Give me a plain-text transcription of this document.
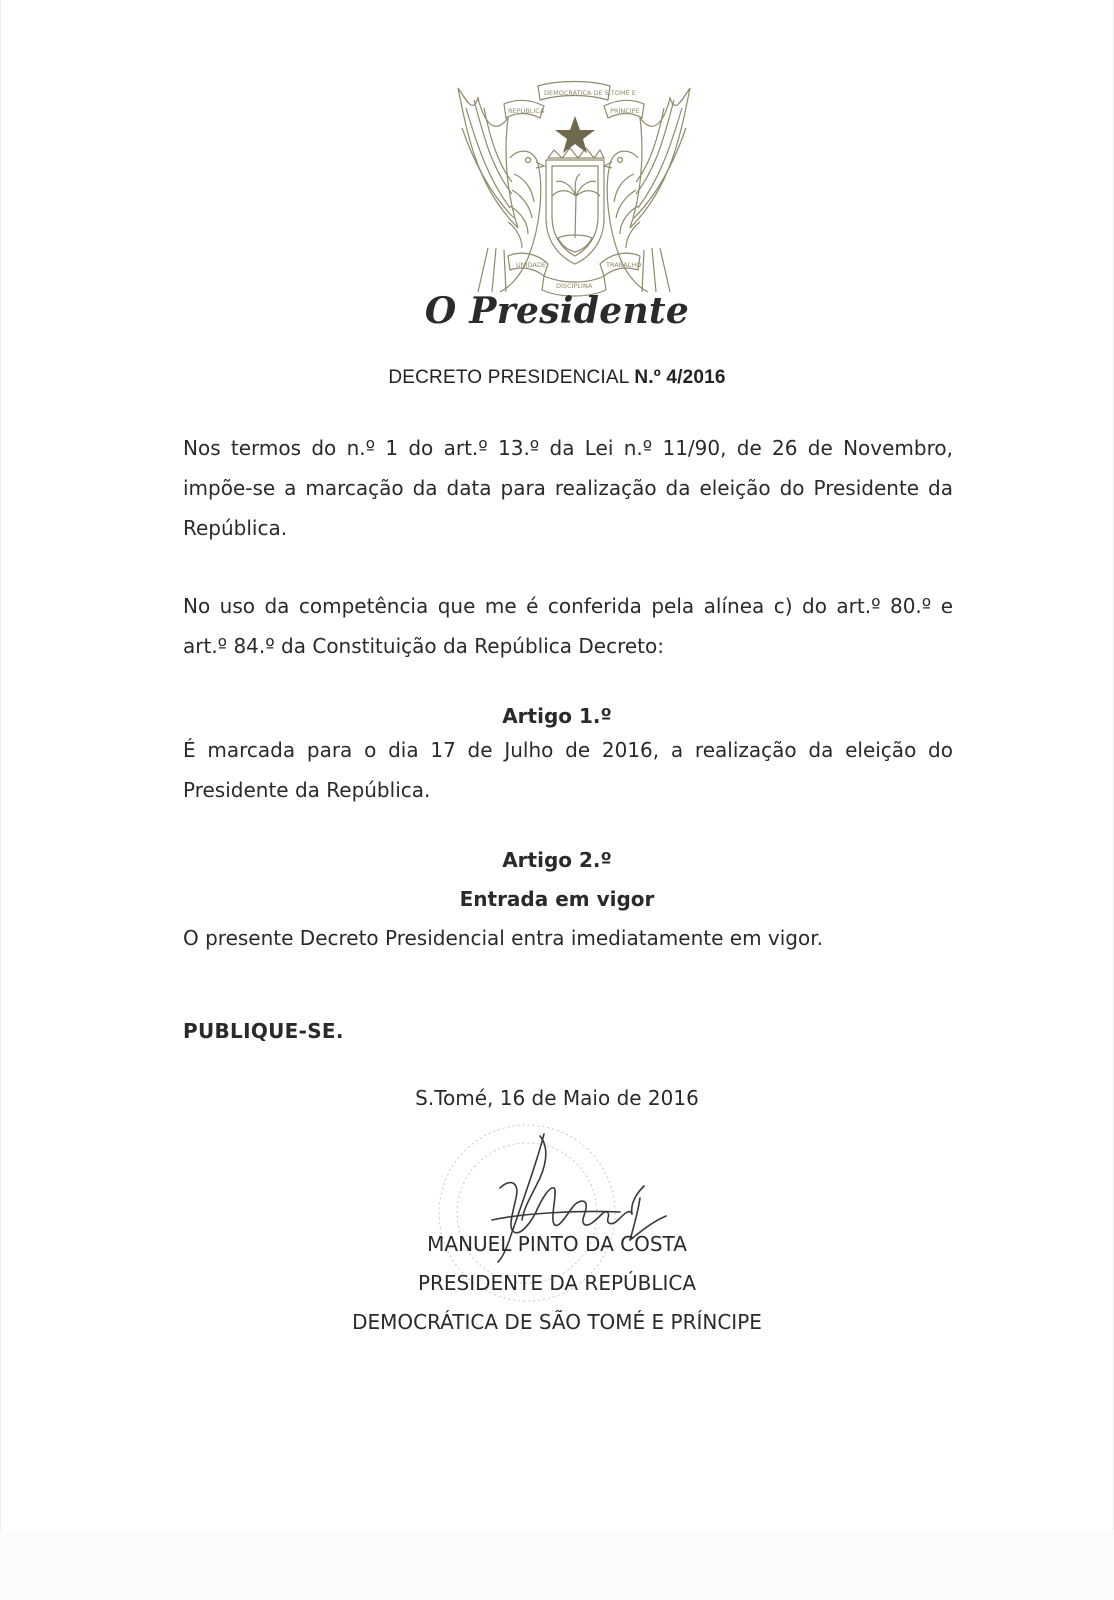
DEMOCRÁTICA DE S.TOMÉ E
REPÚBLICA	PRÍNCIPE
UNIDADE
DISCIPLINA
TRABALHO
O Presidente
DECRETO PRESIDENCIAL N.º 4/2016
Nos termos do n.º 1 do art.º 13.º da Lei n.º 11/90, de 26 de Novembro, impõe-se a marcação da data para realização da eleição do Presidente da República.
No uso da competência que me é conferida pela alínea c) do art.º 80.º e art.º 84.º da Constituição da República Decreto:
Artigo 1.º
É marcada para o dia 17 de Julho de 2016, a realização da eleição do Presidente da República.
Artigo 2.º
Entrada em vigor
O presente Decreto Presidencial entra imediatamente em vigor.
PUBLIQUE-SE.
S.Tomé, 16 de Maio de 2016
MANUEL PINTO DA COSTA
PRESIDENTE DA REPÚBLICA
DEMOCRÁTICA DE SÃO TOMÉ E PRÍNCIPE
